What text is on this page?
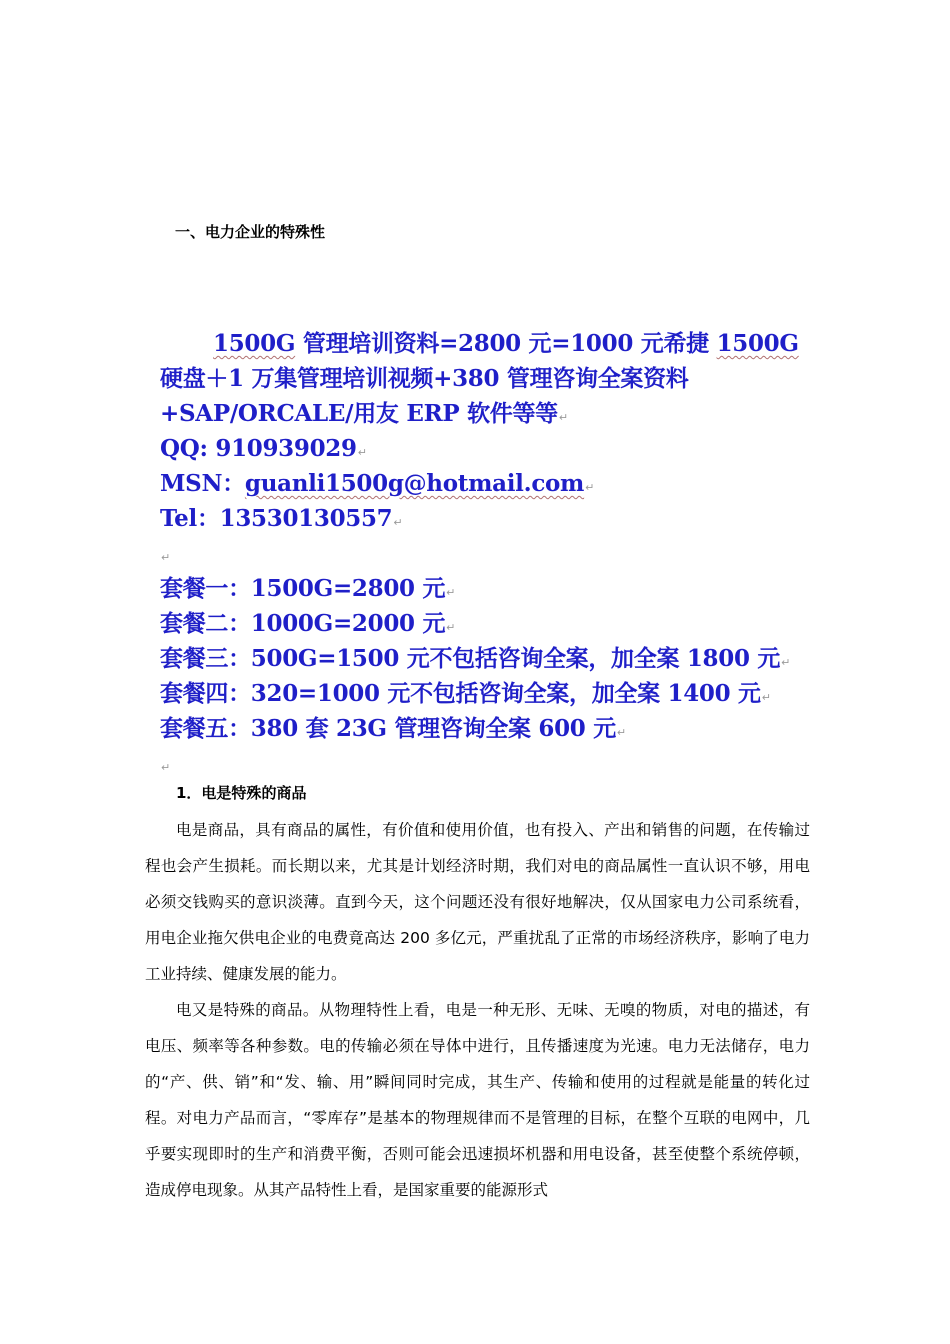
一、电力企业的特殊性
1500G 管理培训资料=2800 元=1000 元希捷 1500G
硬盘＋1 万集管理培训视频+380 管理咨询全案资料
+SAP/ORCALE/用友 ERP 软件等等↵
QQ: 910939029↵
MSN：guanli1500g@hotmail.com↵
Tel：13530130557↵
↵
套餐一：1500G=2800 元↵
套餐二：1000G=2000 元↵
套餐三：500G=1500 元不包括咨询全案，加全案 1800 元↵
套餐四：320=1000 元不包括咨询全案，加全案 1400 元↵
套餐五：380 套 23G 管理咨询全案 600 元↵
↵
1．电是特殊的商品

电是商品，具有商品的属性，有价值和使用价值，也有投入、产出和销售的问题，在传输过程也会产生损耗。而长期以来，尤其是计划经济时期，我们对电的商品属性一直认识不够，用电必须交钱购买的意识淡薄。直到今天，这个问题还没有很好地解决，仅从国家电力公司系统看，用电企业拖欠供电企业的电费竟高达 200 多亿元，严重扰乱了正常的市场经济秩序，影响了电力工业持续、健康发展的能力。

电又是特殊的商品。从物理特性上看，电是一种无形、无味、无嗅的物质，对电的描述，有电压、频率等各种参数。电的传输必须在导体中进行，且传播速度为光速。电力无法储存，电力的“产、供、销”和“发、输、用”瞬间同时完成，其生产、传输和使用的过程就是能量的转化过程。对电力产品而言，“零库存”是基本的物理规律而不是管理的目标，在整个互联的电网中，几乎要实现即时的生产和消费平衡，否则可能会迅速损坏机器和用电设备，甚至使整个系统停顿，造成停电现象。从其产品特性上看，是国家重要的能源形式
